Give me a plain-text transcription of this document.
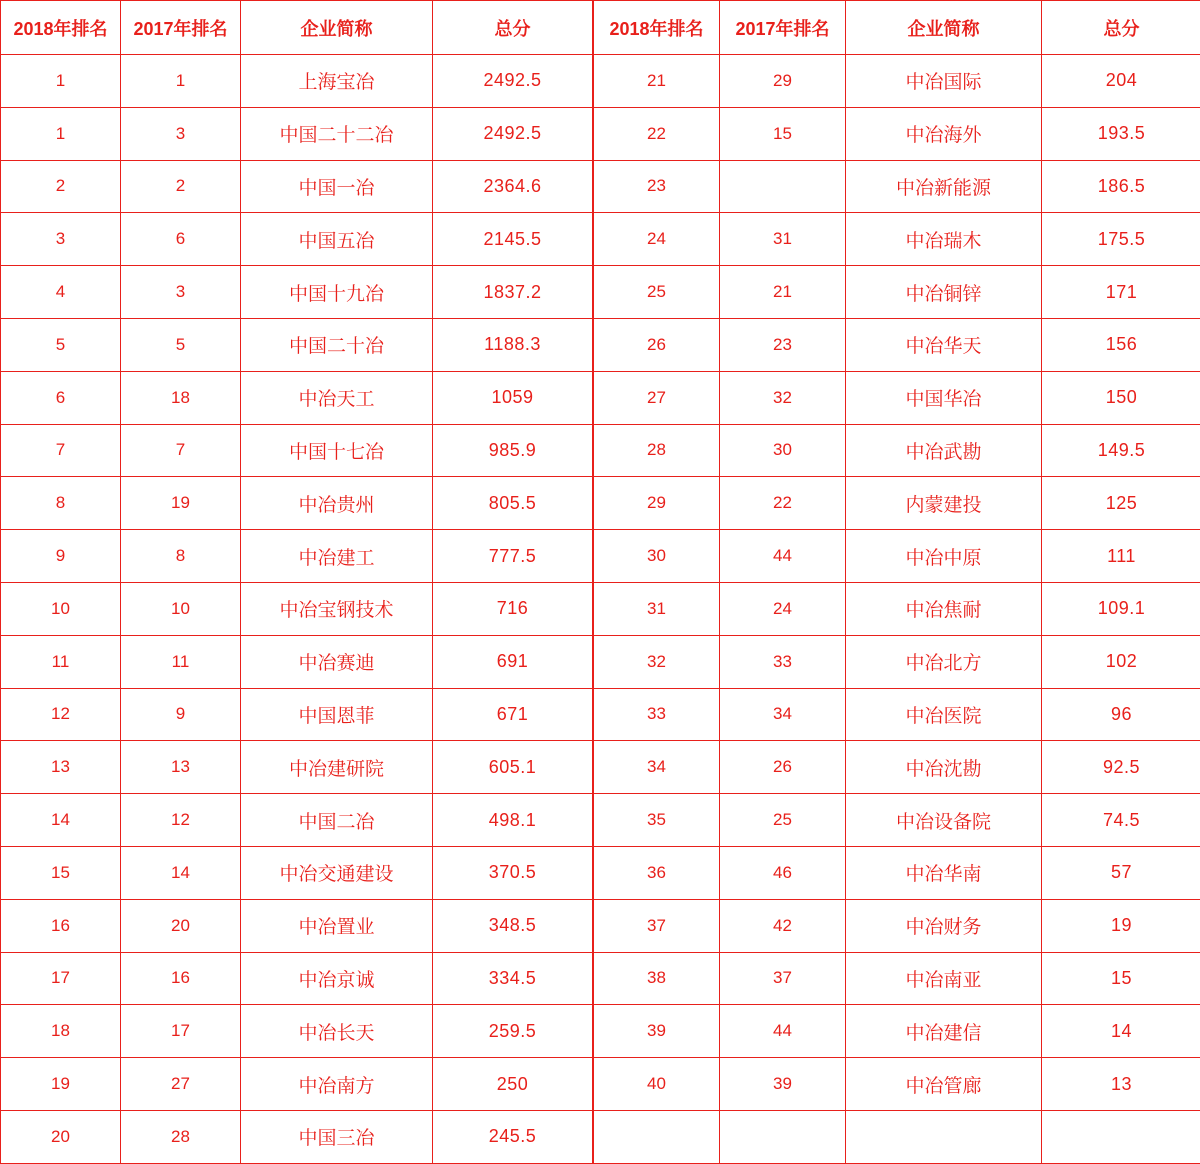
2018年排名	2017年排名	企业简称	总分
1	1	上海宝冶	2492.5
1	3	中国二十二冶	2492.5
2	2	中国一冶	2364.6
3	6	中国五冶	2145.5
4	3	中国十九冶	1837.2
5	5	中国二十冶	1188.3
6	18	中冶天工	1059
7	7	中国十七冶	985.9
8	19	中冶贵州	805.5
9	8	中冶建工	777.5
10	10	中冶宝钢技术	716
11	11	中冶赛迪	691
12	9	中国恩菲	671
13	13	中冶建研院	605.1
14	12	中国二冶	498.1
15	14	中冶交通建设	370.5
16	20	中冶置业	348.5
17	16	中冶京诚	334.5
18	17	中冶长天	259.5
19	27	中冶南方	250
20	28	中国三冶	245.5
2018年排名	2017年排名	企业简称	总分
21	29	中冶国际	204
22	15	中冶海外	193.5
23		中冶新能源	186.5
24	31	中冶瑞木	175.5
25	21	中冶铜锌	171
26	23	中冶华天	156
27	32	中国华冶	150
28	30	中冶武勘	149.5
29	22	内蒙建投	125
30	44	中冶中原	111
31	24	中冶焦耐	109.1
32	33	中冶北方	102
33	34	中冶医院	96
34	26	中冶沈勘	92.5
35	25	中冶设备院	74.5
36	46	中冶华南	57
37	42	中冶财务	19
38	37	中冶南亚	15
39	44	中冶建信	14
40	39	中冶管廊	13
